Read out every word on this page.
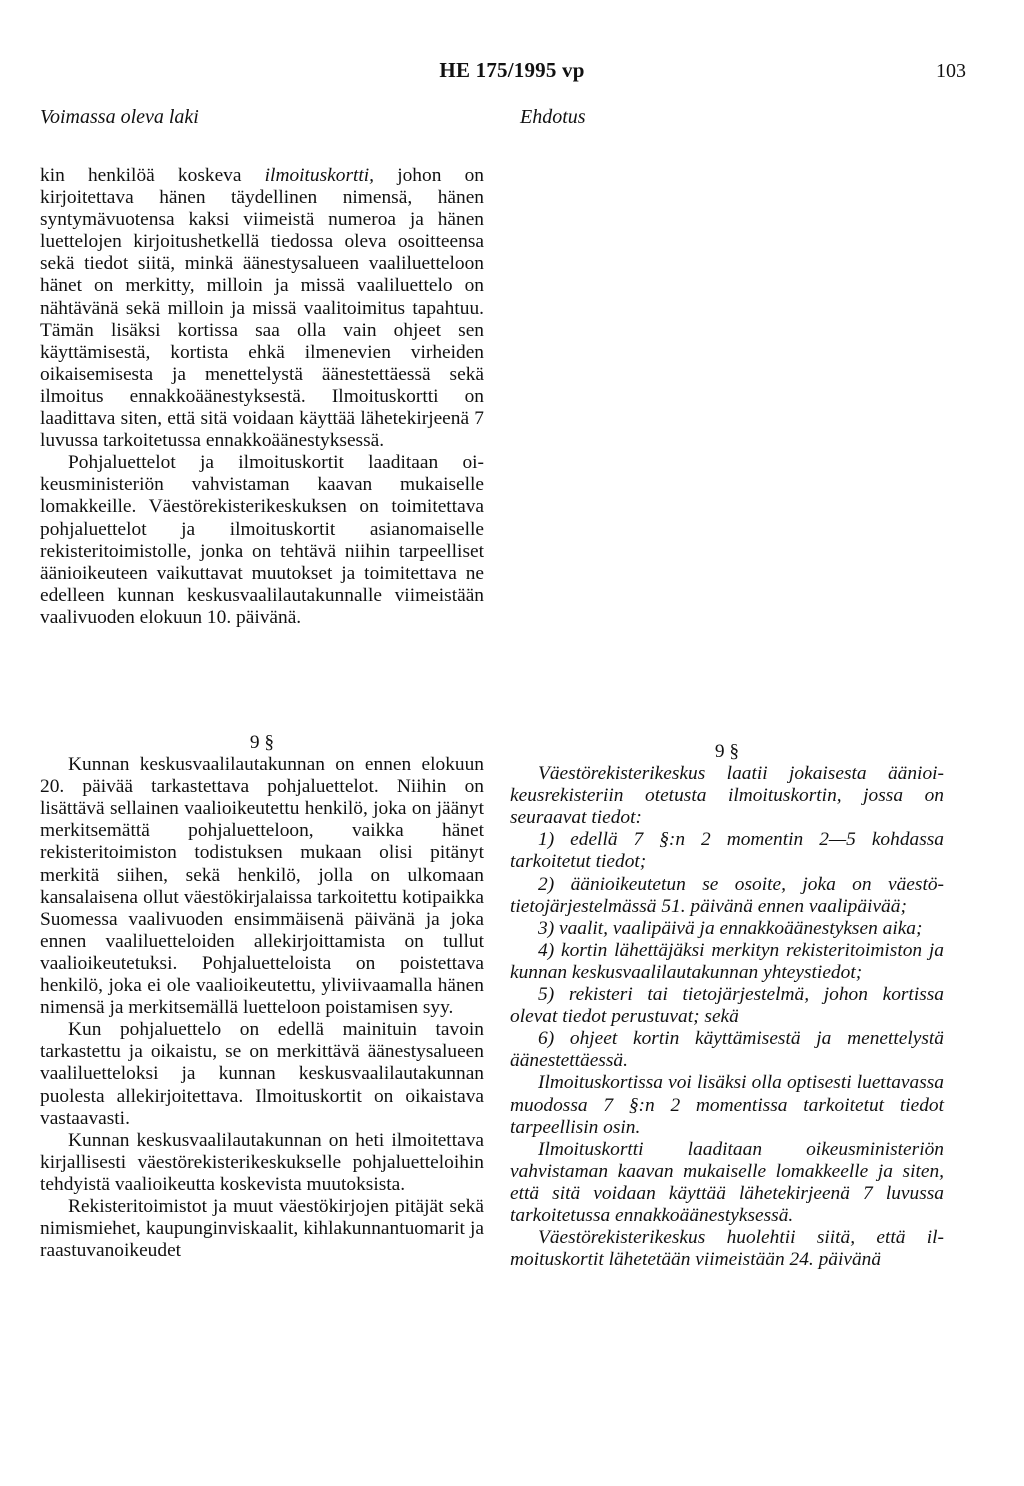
HE 175/1995 vp	103
Voimassa oleva laki	Ehdotus

kin henkilöä koskeva ilmoituskortti, johon on kirjoitettava hänen täydellinen nimensä, hänen syntymävuotensa kaksi viimeistä numeroa ja hänen luettelojen kirjoitushetkellä tiedossa oleva osoitteensa sekä tiedot siitä, minkä äänestysalueen vaaliluetteloon hänet on merkitty, milloin ja missä vaaliluettelo on nähtävänä sekä milloin ja missä vaalitoimitus tapahtuu. Tämän lisäksi kortissa saa olla vain ohjeet sen käyttämisestä, kortista ehkä ilmenevien virheiden oikaisemisesta ja menettelystä äänestettäessä sekä ilmoitus ennakkoäänestyksestä. Ilmoituskortti on laadittava siten, että sitä voidaan käyttää lähetekirjeenä 7 luvussa tarkoitetussa ennakkoäänestyksessä.

Pohjaluettelot ja ilmoituskortit laaditaan oikeusministeriön vahvistaman kaavan mukaiselle lomakkeille. Väestörekisterikeskuksen on toimitettava pohjaluettelot ja ilmoituskortit asianomaiselle rekisteritoimistolle, jonka on tehtävä niihin tarpeelliset äänioikeuteen vaikuttavat muutokset ja toimitettava ne edelleen kunnan keskusvaalilautakunnalle viimeistään vaalivuoden elokuun 10. päivänä.

9 §

Kunnan keskusvaalilautakunnan on ennen elokuun 20. päivää tarkastettava pohjaluettelot. Niihin on lisättävä sellainen vaalioikeutettu henkilö, joka on jäänyt merkitsemättä pohjaluetteloon, vaikka hänet rekisteritoimiston todistuksen mukaan olisi pitänyt merkitä siihen, sekä henkilö, jolla on ulkomaan kansalaisena ollut väestökirjalaissa tarkoitettu kotipaikka Suomessa vaalivuoden ensimmäisenä päivänä ja joka ennen vaaliluetteloiden allekirjoittamista on tullut vaalioikeutetuksi. Pohjaluetteloista on poistettava henkilö, joka ei ole vaalioikeutettu, yliviivaamalla hänen nimensä ja merkitsemällä luetteloon poistamisen syy.

Kun pohjaluettelo on edellä mainituin tavoin tarkastettu ja oikaistu, se on merkittävä äänestysalueen vaaliluetteloksi ja kunnan keskusvaalilautakunnan puolesta allekirjoitettava. Ilmoituskortit on oikaistava vastaavasti.

Kunnan keskusvaalilautakunnan on heti ilmoitettava kirjallisesti väestörekisterikeskukselle pohjaluetteloihin tehdyistä vaalioikeutta koskevista muutoksista.

Rekisteritoimistot ja muut väestökirjojen pitäjät sekä nimismiehet, kaupunginviskaalit, kihlakunnantuomarit ja raastuvanoikeudet

9 §

Väestörekisterikeskus laatii jokaisesta äänioikeusrekisteriin otetusta ilmoituskortin, jossa on seuraavat tiedot:

1) edellä 7 §:n 2 momentin 2—5 kohdassa tarkoitetut tiedot;

2) äänioikeutetun se osoite, joka on väestötietojärjestelmässä 51. päivänä ennen vaalipäivää;

3) vaalit, vaalipäivä ja ennakkoäänestyksen aika;

4) kortin lähettäjäksi merkityn rekisteritoimiston ja kunnan keskusvaalilautakunnan yhteystiedot;

5) rekisteri tai tietojärjestelmä, johon kortissa olevat tiedot perustuvat; sekä

6) ohjeet kortin käyttämisestä ja menettelystä äänestettäessä.

Ilmoituskortissa voi lisäksi olla optisesti luettavassa muodossa 7 §:n 2 momentissa tarkoitetut tiedot tarpeellisin osin.

Ilmoituskortti laaditaan oikeusministeriön vahvistaman kaavan mukaiselle lomakkeelle ja siten, että sitä voidaan käyttää lähetekirjeenä 7 luvussa tarkoitetussa ennakkoäänestyksessä.

Väestörekisterikeskus huolehtii siitä, että ilmoituskortit lähetetään viimeistään 24. päivänä
